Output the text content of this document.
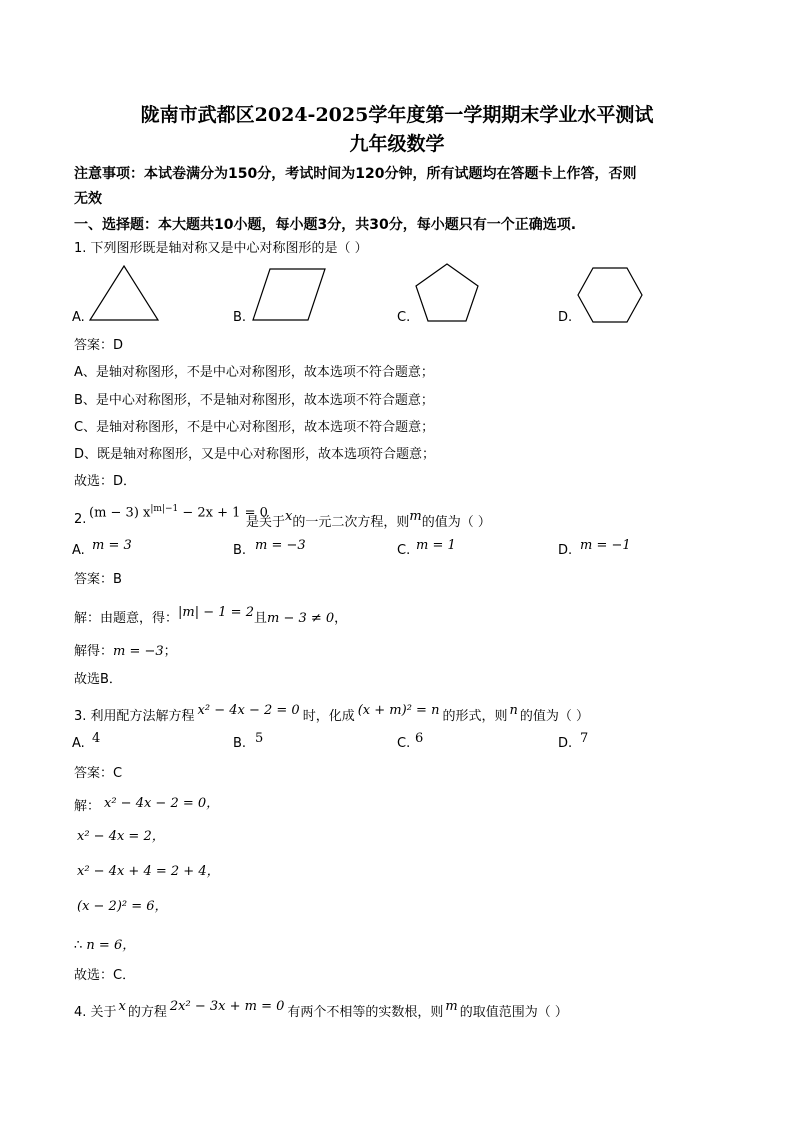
陇南市武都区2024-2025学年度第一学期期末学业水平测试
九年级数学
注意事项：本试卷满分为150分，考试时间为120分钟，所有试题均在答题卡上作答，否则
无效
一、选择题：本大题共10小题，每小题3分，共30分，每小题只有一个正确选项.
1. 下列图形既是轴对称又是中心对称图形的是（ ）
A.	B.	C.	D.
答案：D
A、是轴对称图形，不是中心对称图形，故本选项不符合题意；
B、是中心对称图形，不是轴对称图形，故本选项不符合题意；
C、是轴对称图形，不是中心对称图形，故本选项不符合题意；
D、既是轴对称图形，又是中心对称图形，故本选项符合题意；
故选：D．
2. (m − 3) $x^{|m|-1} - 2x + 1 = 0$
是关于x的一元二次方程，则m的值为（ ）
A. m = 3	B. m = −3	C. m = 1	D. m = −1
答案：B
解：由题意，得：|m| − 1 = 2且m − 3 ≠ 0，
解得：m = −3；
故选B．
3. 利用配方法解方程 x² − 4x − 2 = 0 时，化成 (x + m)² = n 的形式，则 n 的值为（ ）
A. 4	B. 5	C. 6	D. 7
答案：C
解： x² − 4x − 2 = 0，
x² − 4x = 2，
x² − 4x + 4 = 2 + 4，
(x − 2)² = 6，
∴ n = 6，
故选：C．
4. 关于 x 的方程 2x² − 3x + m = 0 有两个不相等的实数根，则 m 的取值范围为（ ）
